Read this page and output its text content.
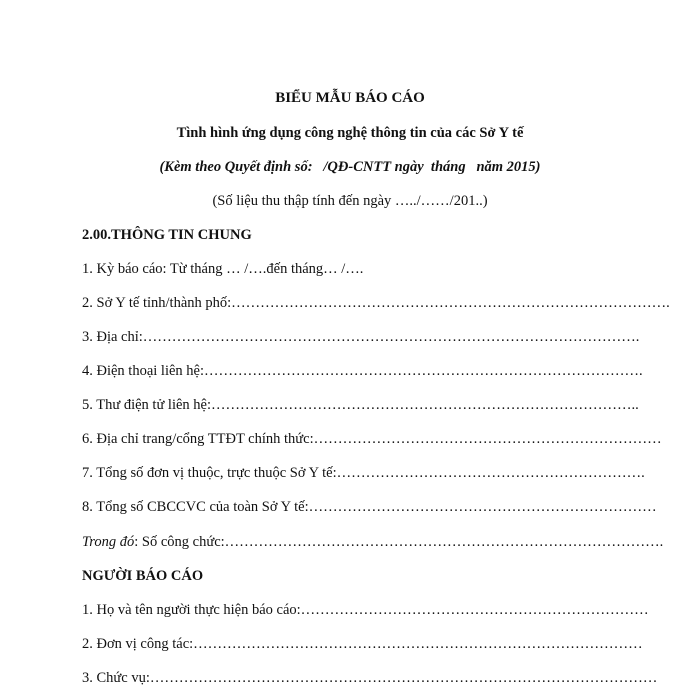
BIỂU MẪU BÁO CÁO
Tình hình ứng dụng công nghệ thông tin của các Sở Y tế
(Kèm theo Quyết định số:   /QĐ-CNTT ngày  tháng   năm 2015)
(Số liệu thu thập tính đến ngày …../……/201..)
2.00.THÔNG TIN CHUNG
1. Kỳ báo cáo: Từ tháng … /….đến tháng… /….
2. Sở Y tế tỉnh/thành phố:……………………………………………………………………………….
3. Địa chỉ:………………………………………………………………………………………….
4. Điện thoại liên hệ:……………………………………………………………………………….
5. Thư điện tử liên hệ:……………………………………………………………………………..
6. Địa chỉ trang/cổng TTĐT chính thức:………………………………………………………………
7. Tổng số đơn vị thuộc, trực thuộc Sở Y tế:……………………………………………………….
8. Tổng số CBCCVC của toàn Sở Y tế:………………………………………………………………
Trong đó: Số công chức:……………………………………………………………………………….
NGƯỜI BÁO CÁO
1. Họ và tên người thực hiện báo cáo:………………………………………………………………
2. Đơn vị công tác:…………………………………………………………………………………
3. Chức vụ:……………………………………………………………………………………………
